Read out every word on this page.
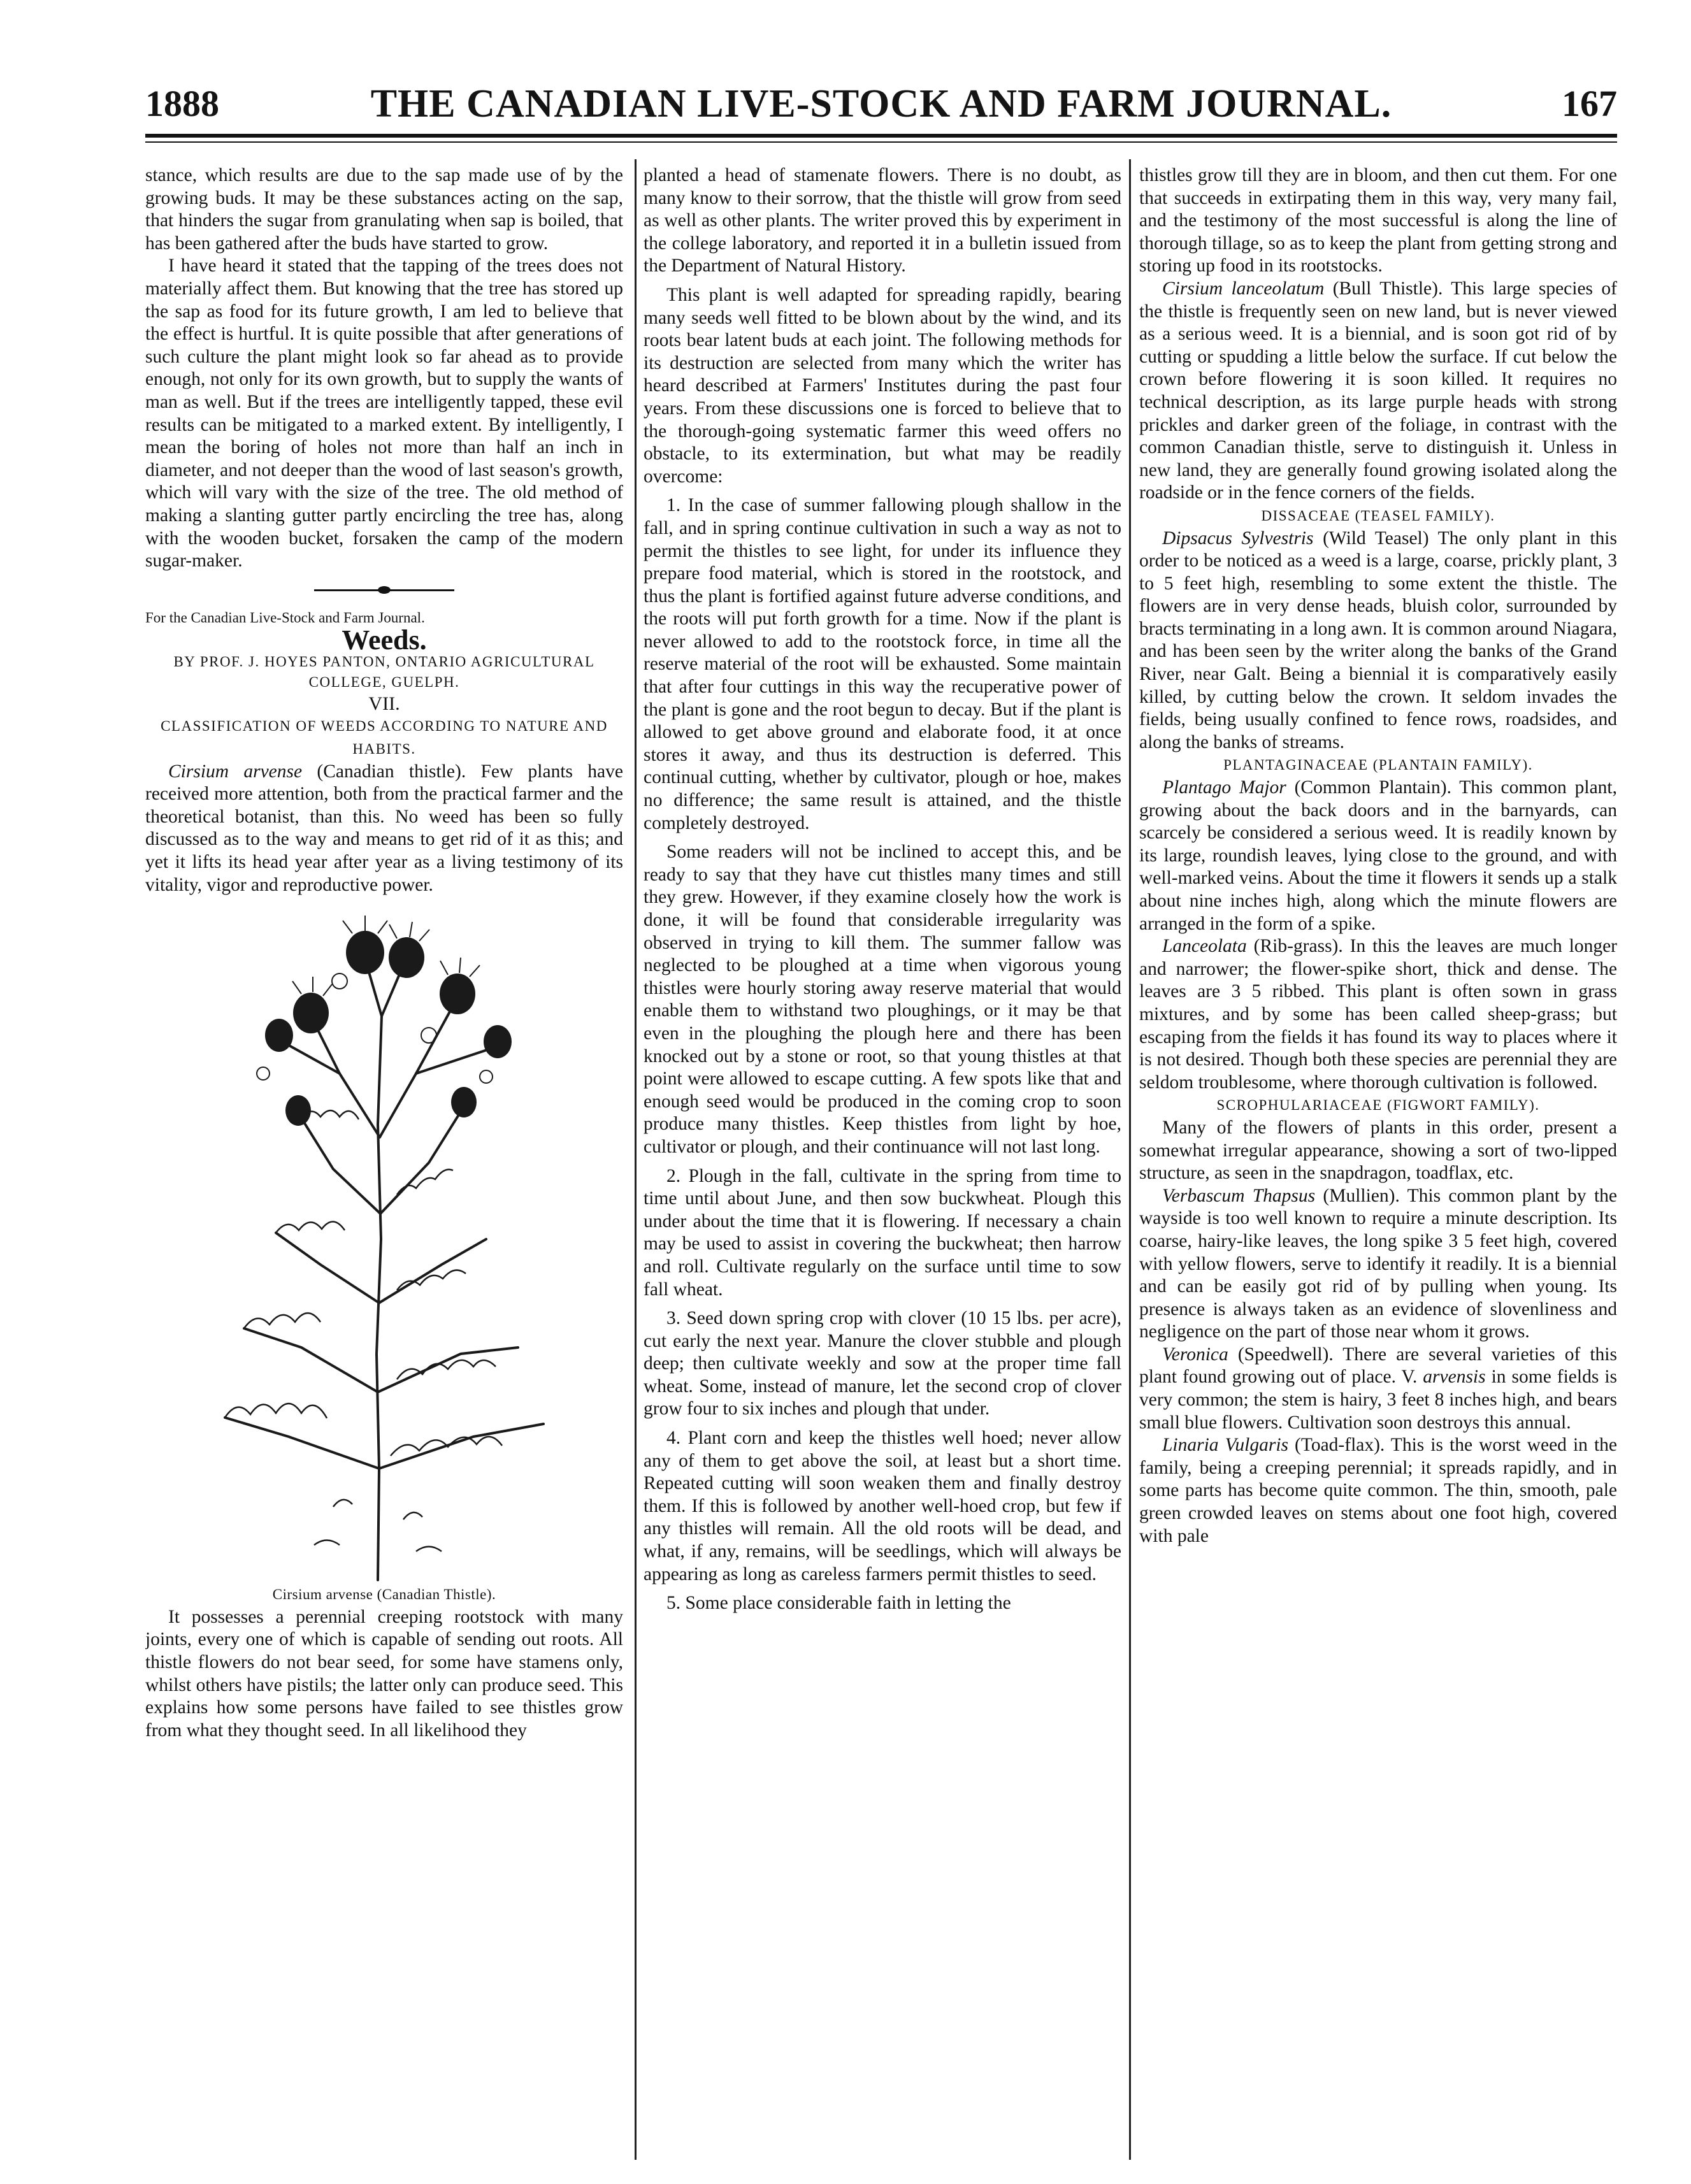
1888	THE CANADIAN LIVE-STOCK AND FARM JOURNAL.	167

stance, which results are due to the sap made use of by the growing buds. It may be these substances acting on the sap, that hinders the sugar from granulating when sap is boiled, that has been gathered after the buds have started to grow.

I have heard it stated that the tapping of the trees does not materially affect them. But knowing that the tree has stored up the sap as food for its future growth, I am led to believe that the effect is hurtful. It is quite possible that after generations of such culture the plant might look so far ahead as to provide enough, not only for its own growth, but to supply the wants of man as well. But if the trees are intelligently tapped, these evil results can be mitigated to a marked extent. By intelligently, I mean the boring of holes not more than half an inch in diameter, and not deeper than the wood of last season's growth, which will vary with the size of the tree. The old method of making a slanting gutter partly encircling the tree has, along with the wooden bucket, forsaken the camp of the modern sugar-maker.

For the Canadian Live-Stock and Farm Journal.

Weeds.

BY PROF. J. HOYES PANTON, ONTARIO AGRICULTURAL COLLEGE, GUELPH.

VII.

CLASSIFICATION OF WEEDS ACCORDING TO NATURE AND HABITS.

Cirsium arvense (Canadian thistle). Few plants have received more attention, both from the practical farmer and the theoretical botanist, than this. No weed has been so fully discussed as to the way and means to get rid of it as this; and yet it lifts its head year after year as a living testimony of its vitality, vigor and reproductive power.

Cirsium arvense (Canadian Thistle).

It possesses a perennial creeping rootstock with many joints, every one of which is capable of sending out roots. All thistle flowers do not bear seed, for some have stamens only, whilst others have pistils; the latter only can produce seed. This explains how some persons have failed to see thistles grow from what they thought seed. In all likelihood they

planted a head of stamenate flowers. There is no doubt, as many know to their sorrow, that the thistle will grow from seed as well as other plants. The writer proved this by experiment in the college laboratory, and reported it in a bulletin issued from the Department of Natural History.

This plant is well adapted for spreading rapidly, bearing many seeds well fitted to be blown about by the wind, and its roots bear latent buds at each joint. The following methods for its destruction are selected from many which the writer has heard described at Farmers' Institutes during the past four years. From these discussions one is forced to believe that to the thorough-going systematic farmer this weed offers no obstacle, to its extermination, but what may be readily overcome:

1. In the case of summer fallowing plough shallow in the fall, and in spring continue cultivation in such a way as not to permit the thistles to see light, for under its influence they prepare food material, which is stored in the rootstock, and thus the plant is fortified against future adverse conditions, and the roots will put forth growth for a time. Now if the plant is never allowed to add to the rootstock force, in time all the reserve material of the root will be exhausted. Some maintain that after four cuttings in this way the recuperative power of the plant is gone and the root begun to decay. But if the plant is allowed to get above ground and elaborate food, it at once stores it away, and thus its destruction is deferred. This continual cutting, whether by cultivator, plough or hoe, makes no difference; the same result is attained, and the thistle completely destroyed.

Some readers will not be inclined to accept this, and be ready to say that they have cut thistles many times and still they grew. However, if they examine closely how the work is done, it will be found that considerable irregularity was observed in trying to kill them. The summer fallow was neglected to be ploughed at a time when vigorous young thistles were hourly storing away reserve material that would enable them to withstand two ploughings, or it may be that even in the ploughing the plough here and there has been knocked out by a stone or root, so that young thistles at that point were allowed to escape cutting. A few spots like that and enough seed would be produced in the coming crop to soon produce many thistles. Keep thistles from light by hoe, cultivator or plough, and their continuance will not last long.

2. Plough in the fall, cultivate in the spring from time to time until about June, and then sow buckwheat. Plough this under about the time that it is flowering. If necessary a chain may be used to assist in covering the buckwheat; then harrow and roll. Cultivate regularly on the surface until time to sow fall wheat.

3. Seed down spring crop with clover (10 15 lbs. per acre), cut early the next year. Manure the clover stubble and plough deep; then cultivate weekly and sow at the proper time fall wheat. Some, instead of manure, let the second crop of clover grow four to six inches and plough that under.

4. Plant corn and keep the thistles well hoed; never allow any of them to get above the soil, at least but a short time. Repeated cutting will soon weaken them and finally destroy them. If this is followed by another well-hoed crop, but few if any thistles will remain. All the old roots will be dead, and what, if any, remains, will be seedlings, which will always be appearing as long as careless farmers permit thistles to seed.

5. Some place considerable faith in letting the

thistles grow till they are in bloom, and then cut them. For one that succeeds in extirpating them in this way, very many fail, and the testimony of the most successful is along the line of thorough tillage, so as to keep the plant from getting strong and storing up food in its rootstocks.

Cirsium lanceolatum (Bull Thistle). This large species of the thistle is frequently seen on new land, but is never viewed as a serious weed. It is a biennial, and is soon got rid of by cutting or spudding a little below the surface. If cut below the crown before flowering it is soon killed. It requires no technical description, as its large purple heads with strong prickles and darker green of the foliage, in contrast with the common Canadian thistle, serve to distinguish it. Unless in new land, they are generally found growing isolated along the roadside or in the fence corners of the fields.

DISSACEAE (TEASEL FAMILY).

Dipsacus Sylvestris (Wild Teasel) The only plant in this order to be noticed as a weed is a large, coarse, prickly plant, 3 to 5 feet high, resembling to some extent the thistle. The flowers are in very dense heads, bluish color, surrounded by bracts terminating in a long awn. It is common around Niagara, and has been seen by the writer along the banks of the Grand River, near Galt. Being a biennial it is comparatively easily killed, by cutting below the crown. It seldom invades the fields, being usually confined to fence rows, roadsides, and along the banks of streams.

PLANTAGINACEAE (PLANTAIN FAMILY).

Plantago Major (Common Plantain). This common plant, growing about the back doors and in the barnyards, can scarcely be considered a serious weed. It is readily known by its large, roundish leaves, lying close to the ground, and with well-marked veins. About the time it flowers it sends up a stalk about nine inches high, along which the minute flowers are arranged in the form of a spike.

Lanceolata (Rib-grass). In this the leaves are much longer and narrower; the flower-spike short, thick and dense. The leaves are 3 5 ribbed. This plant is often sown in grass mixtures, and by some has been called sheep-grass; but escaping from the fields it has found its way to places where it is not desired. Though both these species are perennial they are seldom troublesome, where thorough cultivation is followed.

SCROPHULARIACEAE (FIGWORT FAMILY).

Many of the flowers of plants in this order, present a somewhat irregular appearance, showing a sort of two-lipped structure, as seen in the snapdragon, toadflax, etc.

Verbascum Thapsus (Mullien). This common plant by the wayside is too well known to require a minute description. Its coarse, hairy-like leaves, the long spike 3 5 feet high, covered with yellow flowers, serve to identify it readily. It is a biennial and can be easily got rid of by pulling when young. Its presence is always taken as an evidence of slovenliness and negligence on the part of those near whom it grows.

Veronica (Speedwell). There are several varieties of this plant found growing out of place. V. arvensis in some fields is very common; the stem is hairy, 3 feet 8 inches high, and bears small blue flowers. Cultivation soon destroys this annual.

Linaria Vulgaris (Toad-flax). This is the worst weed in the family, being a creeping perennial; it spreads rapidly, and in some parts has become quite common. The thin, smooth, pale green crowded leaves on stems about one foot high, covered with pale
